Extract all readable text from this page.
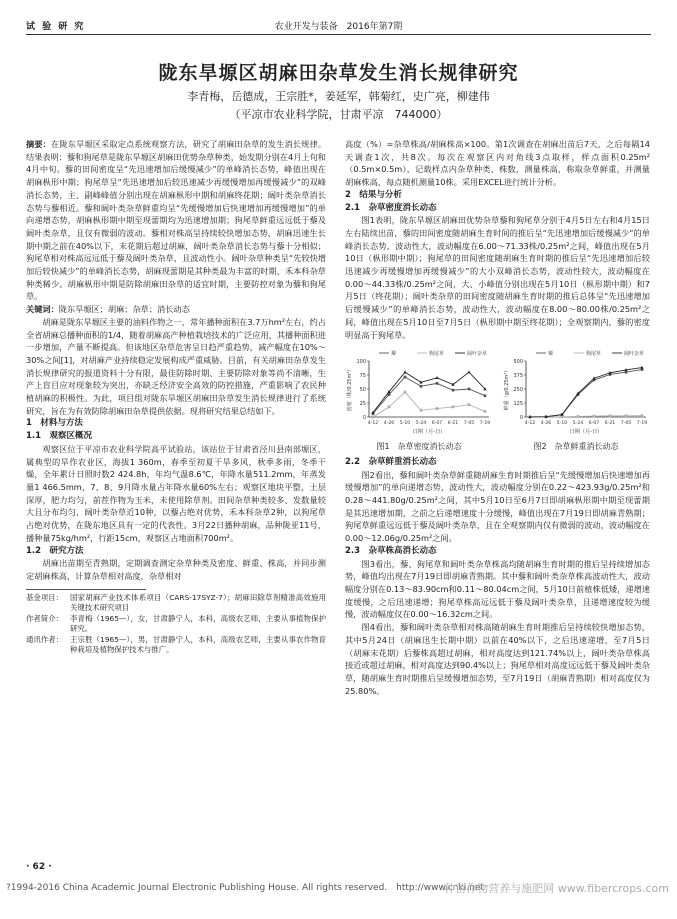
试 验 研 究	农业开发与装备　2016年第7期
陇东旱塬区胡麻田杂草发生消长规律研究
李青梅，岳德成，王宗胜*，姜延军，韩菊红，史广亮，柳建伟
（平凉市农业科学院，甘肃平凉　744000）

摘要：在陇东旱塬区采取定点系统观察方法，研究了胡麻田杂草的发生消长规律。结果表明：藜和狗尾草是陇东旱塬区胡麻田优势杂草种类，始发期分别在4月上旬和4月中旬。藜的田间密度呈“先迅速增加后缓慢减少”的单峰消长态势，峰值出现在胡麻枞形中期；狗尾草呈“先迅速增加后较迅速减少再缓慢增加再缓慢减少”的双峰消长态势，主、副峰峰值分别出现在胡麻枞形中期和胡麻终花期；阔叶类杂草消长态势与藜相近。藜和阔叶类杂草鲜重均呈“先缓慢增加后快速增加再缓慢增加”的单向递增态势，胡麻枞形期中期至现蕾期均为迅速增加期；狗尾草鲜重远远低于藜及阔叶类杂草，且仅有微弱的波动。藜相对株高呈持续较快增加态势，胡麻迅速生长期中期之前在40%以下，末花期后超过胡麻，阔叶类杂草消长态势与藜十分相似；狗尾草相对株高远远低于藜及阔叶类杂草，且波动性小。阔叶杂草种类呈“先较快增加后较快减少”的单峰消长态势，胡麻现蕾期是其种类最为丰富的时期，禾本科杂草种类稀少。胡麻枞形中期是防除胡麻田杂草的适宜时期，主要防控对象为藜和狗尾草。

关键词：陇东旱塬区；胡麻；杂草；消长动态

胡麻是陇东旱塬区主要的油料作物之一，常年播种面积在3.7万hm²左右，约占全省胡麻总播种面积的1/4，随着胡麻高产种植栽培技术的广泛应用，其播种面积进一步增加，产量不断提高。但该地区杂草危害呈日趋严重趋势，减产幅度在10%～30%之间[1]，对胡麻产业持续稳定发展构成严重威胁。目前，有关胡麻田杂草发生消长规律研究的报道资料十分有限，最佳防除时期、主要防除对象等尚不清晰，生产上盲目应对现象较为突出，亦缺乏经济安全高效的防控措施，严重影响了农民种植胡麻的积极性。为此，项目组对陇东旱塬区胡麻田杂草发生消长规律进行了系统研究，旨在为有效防除胡麻田杂草提供依据。现将研究结果总结如下。

1　材料与方法
1.1　观察区概况

观察区位于平凉市农业科学院高平试验站，该站位于甘肃省泾川县南部塬区，属典型的旱作农业区，海拔1 360m，春季至初夏干旱多风，秋季多雨，冬季干燥，全年累计日照时数2 424.8h，年均气温8.6℃，年降水量511.2mm，年蒸发量1 466.5mm，7、8、9月降水量占年降水量60%左右；观察区地块平整，土层深厚，肥力均匀，前茬作物为玉米，未使用除草剂。田间杂草种类较多、发数量较大且分布均匀，阔叶类杂草近10种，以藜占绝对优势，禾本科杂草2种，以狗尾草占绝对优势，在陇东地区具有一定的代表性。3月22日播种胡麻，品种陇亚11号，播种量75kg/hm²，行距15cm，观察区占地面积700m²。

1.2　研究方法

胡麻出苗期至青熟期，定期调查测定杂草种类及密度、鲜重、株高，并同步测定胡麻株高，计算杂草相对高度，杂草相对

基金项目： 国家胡麻产业技术体系项目（CARS-17SYZ-7）；胡麻田除草剂精准高效施用关键技术研究项目
作者简介： 李青梅（1965—），女，甘肃静宁人，本科，高级农艺师，主要从事植物保护研究。
通讯作者： 王宗胜（1965—），男，甘肃静宁人，本科，高级农艺师，主要从事农作物育种栽培及植物保护技术与推广。

高度（%）=杂草株高/胡麻株高×100。第1次调查在胡麻出苗后7天，之后每隔14天调查1次，共8次。每次在观察区内对角线3点取样，样点面积0.25m²（0.5m×0.5m），记载样点内杂草种类、株数，测量株高，称取杂草鲜重，并测量胡麻株高，每点随机测量10株。采用EXCEL进行统计分析。

2　结果与分析
2.1　杂草密度消长动态

图1表明，陇东旱塬区胡麻田优势杂草藜和狗尾草分别于4月5日左右和4月15日左右陆续出苗，藜的田间密度随胡麻生育时间的推后呈“先迅速增加后缓慢减少”的单峰消长态势，波动性大，波动幅度在6.00～71.33株/0.25m²之间，峰值出现在5月10日（枞形期中期）；狗尾草的田间密度随胡麻生育时期的推后呈“先迅速增加后较迅速减少再缓慢增加再缓慢减少”的大小双峰消长态势，波动性较大，波动幅度在0.00～44.33株/0.25m²之间，大、小峰值分别出现在5月10日（枞形期中期）和7月5日（终花期）；阔叶类杂草的田间密度随胡麻生育时期的推后总体呈“先迅速增加后缓慢减少”的单峰消长态势，波动性大，波动幅度在8.00～80.00株/0.25m²之间，峰值出现在5月10日至7月5日（枞形期中期至终花期）；全观察期内，藜的密度明显高于狗尾草。

0
25
50
75
100
4-12 4-26 5-10 5-24 6-07 6-21 7-05 7-19
日期（月-日）
密度（株/0.25m²）
藜	狗尾草	阔叶杂草
图1　杂草密度消长动态
0
125
250
375
500
4-12 4-26 5-10 5-24 6-07 6-21 7-05 7-19
日期（月-日）
鲜重（g/0.25m²）
藜	狗尾草	阔叶杂草
图2　杂草鲜重消长动态
2.2　杂草鲜重消长动态

图2看出，藜和阔叶类杂草鲜重随胡麻生育时期推后呈“先缓慢增加后快速增加再缓慢增加”的单向递增态势，波动性大，波动幅度分别在0.22～423.93g/0.25m²和0.28～441.80g/0.25m²之间，其中5月10日至6月7日即胡麻枞形期中期至现蕾期是其迅速增加期，之前之后递增速度十分缓慢，峰值出现在7月19日即胡麻青熟期；狗尾草鲜重远远低于藜及阔叶类杂草，且在全观察期内仅有微弱的波动，波动幅度在0.00～12.06g/0.25m²之间。

2.3　杂草株高消长动态

图3看出，藜、狗尾草和阔叶类杂草株高均随胡麻生育时期的推后呈持续增加态势，峰值均出现在7月19日即胡麻青熟期。其中藜和阔叶类杂草株高波动性大，波动幅度分别在0.13～83.90cm和0.11～80.04cm之间，5月10日前植株低矮，递增速度缓慢，之后迅速递增；狗尾草株高远远低于藜及阔叶类杂草，且递增速度较为缓慢，波动幅度仅在0.00～16.32cm之间。

图4看出，藜和阔叶类杂草相对株高随胡麻生育时期推后呈持续较快增加态势，其中5月24日（胡麻迅生长期中期）以前在40%以下，之后迅速递增，至7月5日（胡麻末花期）后藜株高超过胡麻，相对高度达到121.74%以上，阔叶类杂草株高接近或超过胡麻，相对高度达到90.4%以上；狗尾草相对高度远远低于藜及阔叶类杂草，随胡麻生育时期推后呈缓慢增加态势，至7月19日（胡麻青熟期）相对高度仅为25.80%。

· 62 ·
?1994-2016 China Academic Journal Electronic Publishing House. All rights reserved.　http://www.cnki.net
种苗作物营养与施肥网 www.fibercrops.com
